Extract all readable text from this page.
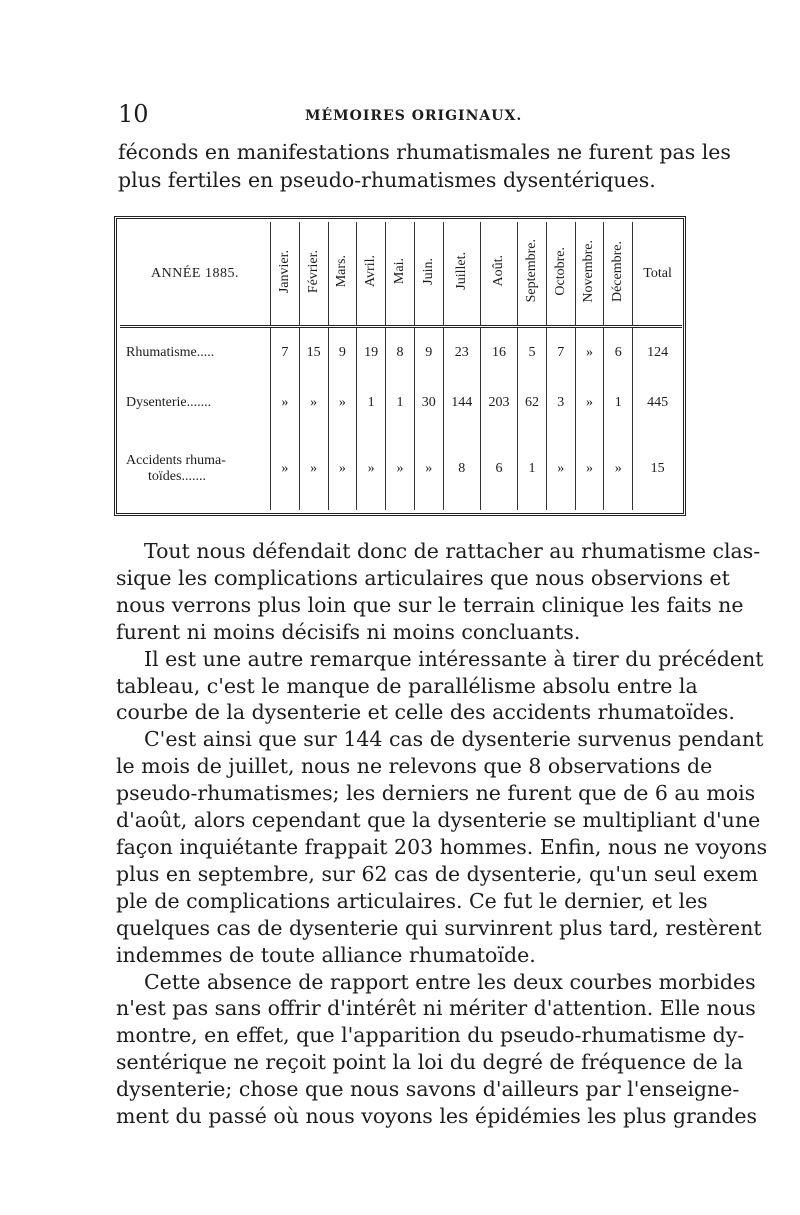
10	MÉMOIRES ORIGINAUX.
féconds en manifestations rhumatismales ne furent pas les
plus fertiles en pseudo-rhumatismes dysentériques.
ANNÉE 1885.	Janvier.	Février.	Mars.	Avril.	Mai.	Juin.	Juillet.	Août.	Septembre.	Octobre.	Novembre.	Décembre.	Total
Rhumatisme.....	7	15	9	19	8	9	23	16	5	7	»	6	124
Dysenterie.......	»	»	»	1	1	30	144	203	62	3	»	1	445

Accidents rhuma-
toïdes.......	»	»	»	»	»	»	8	6	1	»	»	»	15
Tout nous défendait donc de rattacher au rhumatisme clas-
sique les complications articulaires que nous observions et
nous verrons plus loin que sur le terrain clinique les faits ne
furent ni moins décisifs ni moins concluants.
Il est une autre remarque intéressante à tirer du précédent
tableau, c'est le manque de parallélisme absolu entre la
courbe de la dysenterie et celle des accidents rhumatoïdes.
C'est ainsi que sur 144 cas de dysenterie survenus pendant
le mois de juillet, nous ne relevons que 8 observations de
pseudo-rhumatismes; les derniers ne furent que de 6 au mois
d'août, alors cependant que la dysenterie se multipliant d'une
façon inquiétante frappait 203 hommes. Enfin, nous ne voyons
plus en septembre, sur 62 cas de dysenterie, qu'un seul exem
ple de complications articulaires. Ce fut le dernier, et les
quelques cas de dysenterie qui survinrent plus tard, restèrent
indemmes de toute alliance rhumatoïde.
Cette absence de rapport entre les deux courbes morbides
n'est pas sans offrir d'intérêt ni mériter d'attention. Elle nous
montre, en effet, que l'apparition du pseudo-rhumatisme dy-
sentérique ne reçoit point la loi du degré de fréquence de la
dysenterie; chose que nous savons d'ailleurs par l'enseigne-
ment du passé où nous voyons les épidémies les plus grandes
